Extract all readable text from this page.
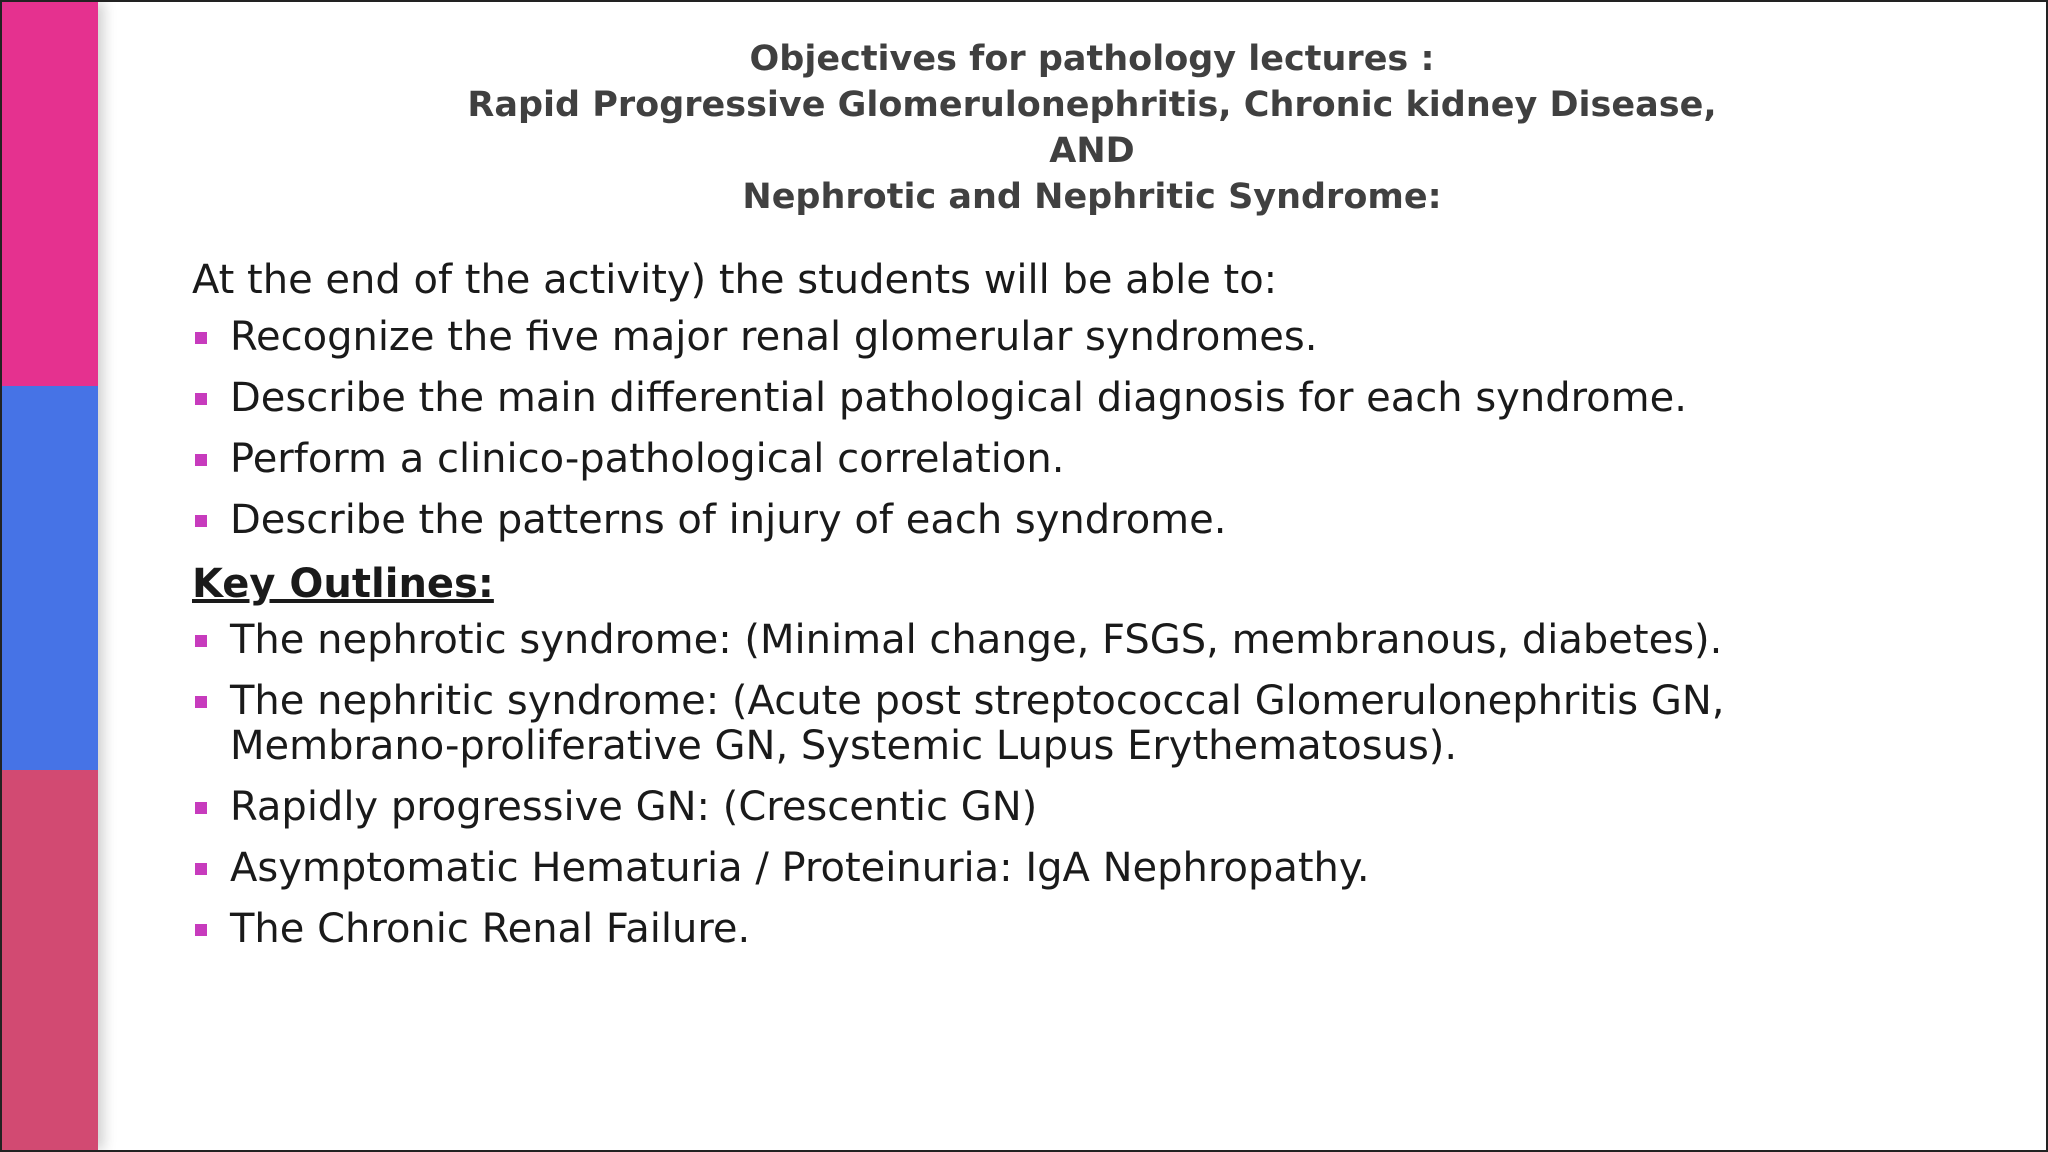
Objectives for pathology lectures :
Rapid Progressive Glomerulonephritis, Chronic kidney Disease,
AND
Nephrotic and Nephritic Syndrome:
At the end of the activity) the students will be able to:
Recognize the five major renal glomerular syndromes.
Describe the main differential pathological diagnosis for each syndrome.
Perform a clinico-pathological correlation.
Describe the patterns of injury of each syndrome.
Key Outlines:
The nephrotic syndrome: (Minimal change, FSGS, membranous, diabetes).
The nephritic syndrome: (Acute post streptococcal Glomerulonephritis GN, Membrano-proliferative GN, Systemic Lupus Erythematosus).
Rapidly progressive GN: (Crescentic GN)
Asymptomatic Hematuria / Proteinuria: IgA Nephropathy.
The Chronic Renal Failure.
